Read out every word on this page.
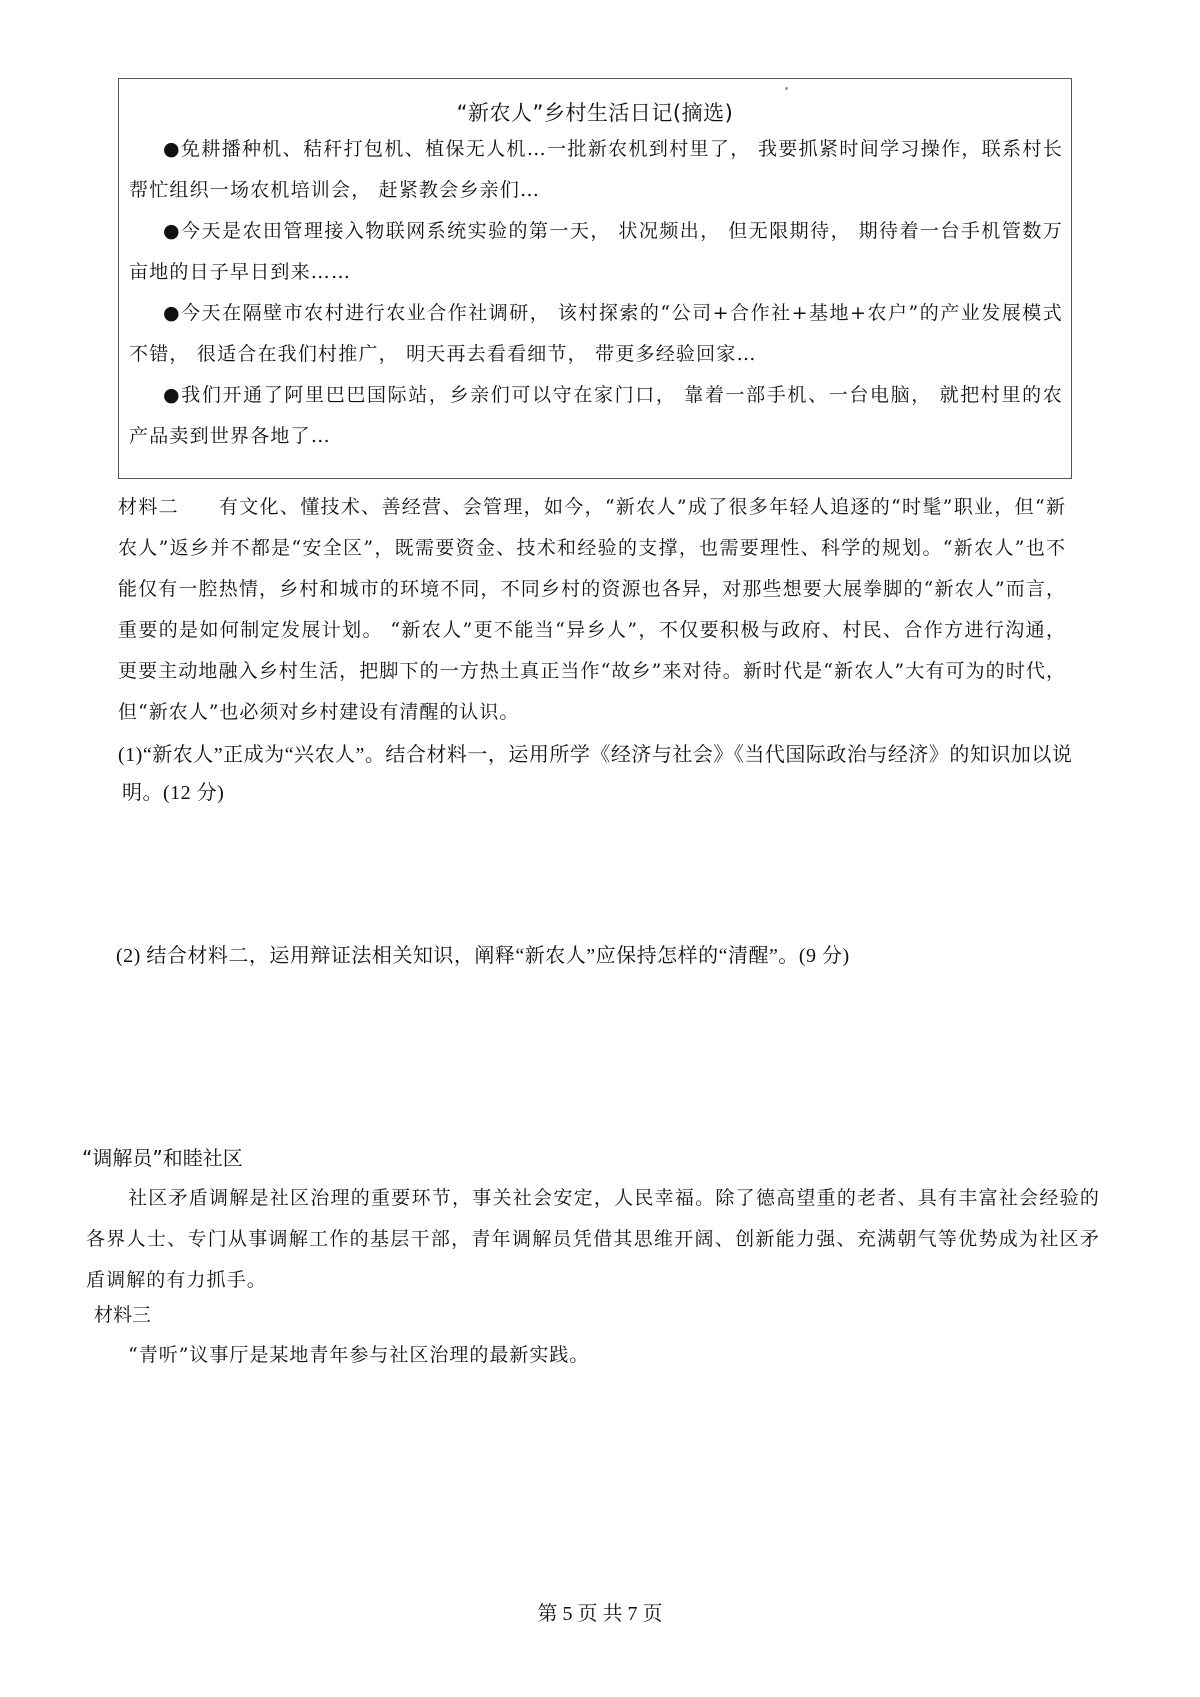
“新农人”乡村生活日记(摘选)
●免耕播种机、秸秆打包机、植保无人机…一批新农机到村里了， 我要抓紧时间学习操作，联系村长帮忙组织一场农机培训会， 赶紧教会乡亲们…
●今天是农田管理接入物联网系统实验的第一天， 状况频出， 但无限期待， 期待着一台手机管数万亩地的日子早日到来……
●今天在隔壁市农村进行农业合作社调研， 该村探索的“公司+合作社+基地+农户”的产业发展模式不错， 很适合在我们村推广， 明天再去看看细节， 带更多经验回家…
●我们开通了阿里巴巴国际站，乡亲们可以守在家门口， 靠着一部手机、一台电脑， 就把村里的农产品卖到世界各地了…
材料二 有文化、懂技术、善经营、会管理，如今，“新农人”成了很多年轻人追逐的“时髦”职业，但“新农人”返乡并不都是“安全区”，既需要资金、技术和经验的支撑，也需要理性、科学的规划。“新农人”也不能仅有一腔热情，乡村和城市的环境不同，不同乡村的资源也各异，对那些想要大展拳脚的“新农人”而言，重要的是如何制定发展计划。 “新农人”更不能当“异乡人”，不仅要积极与政府、村民、合作方进行沟通，更要主动地融入乡村生活，把脚下的一方热土真正当作“故乡”来对待。新时代是“新农人”大有可为的时代，但“新农人”也必须对乡村建设有清醒的认识。
(1)“新农人”正成为“兴农人”。结合材料一，运用所学《经济与社会》《当代国际政治与经济》的知识加以说
明。(12 分)
(2) 结合材料二，运用辩证法相关知识，阐释“新农人”应保持怎样的“清醒”。(9 分)
“调解员”和睦社区
社区矛盾调解是社区治理的重要环节，事关社会安定，人民幸福。除了德高望重的老者、具有丰富社会经验的各界人士、专门从事调解工作的基层干部，青年调解员凭借其思维开阔、创新能力强、充满朝气等优势成为社区矛盾调解的有力抓手。
材料三
“青听”议事厅是某地青年参与社区治理的最新实践。
第 5 页 共 7 页
